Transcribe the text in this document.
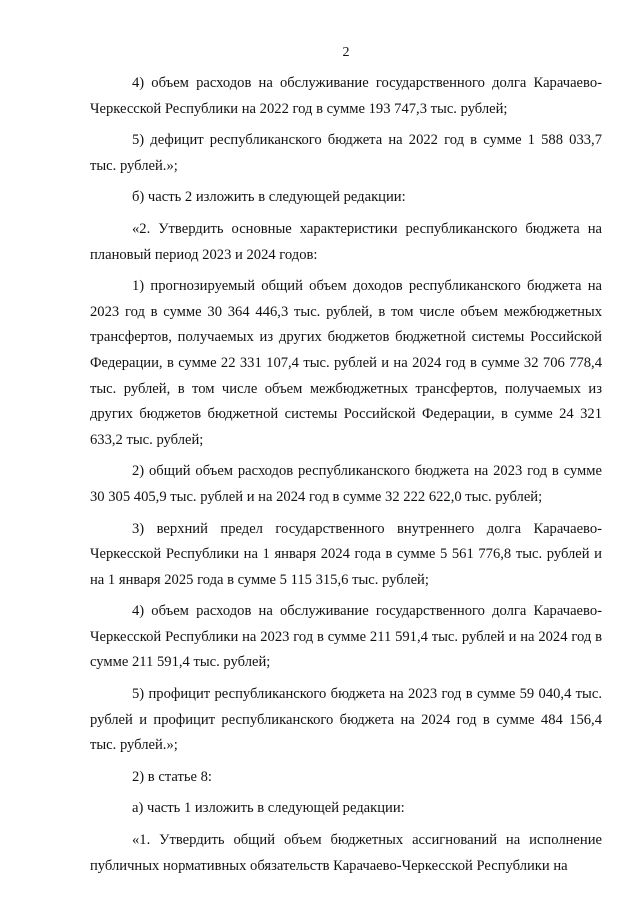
2

4) объем расходов на обслуживание государственного долга Карачаево-Черкесской Республики на 2022 год в сумме 193 747,3 тыс. рублей;

5) дефицит республиканского бюджета на 2022 год в сумме 1 588 033,7 тыс. рублей.»;

б) часть 2 изложить в следующей редакции:

«2. Утвердить основные характеристики республиканского бюджета на плановый период 2023 и 2024 годов:

1) прогнозируемый общий объем доходов республиканского бюджета на 2023 год в сумме 30 364 446,3 тыс. рублей, в том числе объем межбюджетных трансфертов, получаемых из других бюджетов бюджетной системы Российской Федерации, в сумме 22 331 107,4 тыс. рублей и на 2024 год в сумме 32 706 778,4 тыс. рублей, в том числе объем межбюджетных трансфертов, получаемых из других бюджетов бюджетной системы Российской Федерации, в сумме 24 321 633,2 тыс. рублей;

2) общий объем расходов республиканского бюджета на 2023 год в сумме 30 305 405,9 тыс. рублей и на 2024 год в сумме 32 222 622,0 тыс. рублей;

3) верхний предел государственного внутреннего долга Карачаево-Черкесской Республики на 1 января 2024 года в сумме 5 561 776,8 тыс. рублей и на 1 января 2025 года в сумме 5 115 315,6 тыс. рублей;

4) объем расходов на обслуживание государственного долга Карачаево-Черкесской Республики на 2023 год в сумме 211 591,4 тыс. рублей и на 2024 год в сумме 211 591,4 тыс. рублей;

5) профицит республиканского бюджета на 2023 год в сумме 59 040,4 тыс. рублей и профицит республиканского бюджета на 2024 год в сумме 484 156,4 тыс. рублей.»;

2) в статье 8:

а) часть 1 изложить в следующей редакции:

«1. Утвердить общий объем бюджетных ассигнований на исполнение публичных нормативных обязательств Карачаево-Черкесской Республики на
